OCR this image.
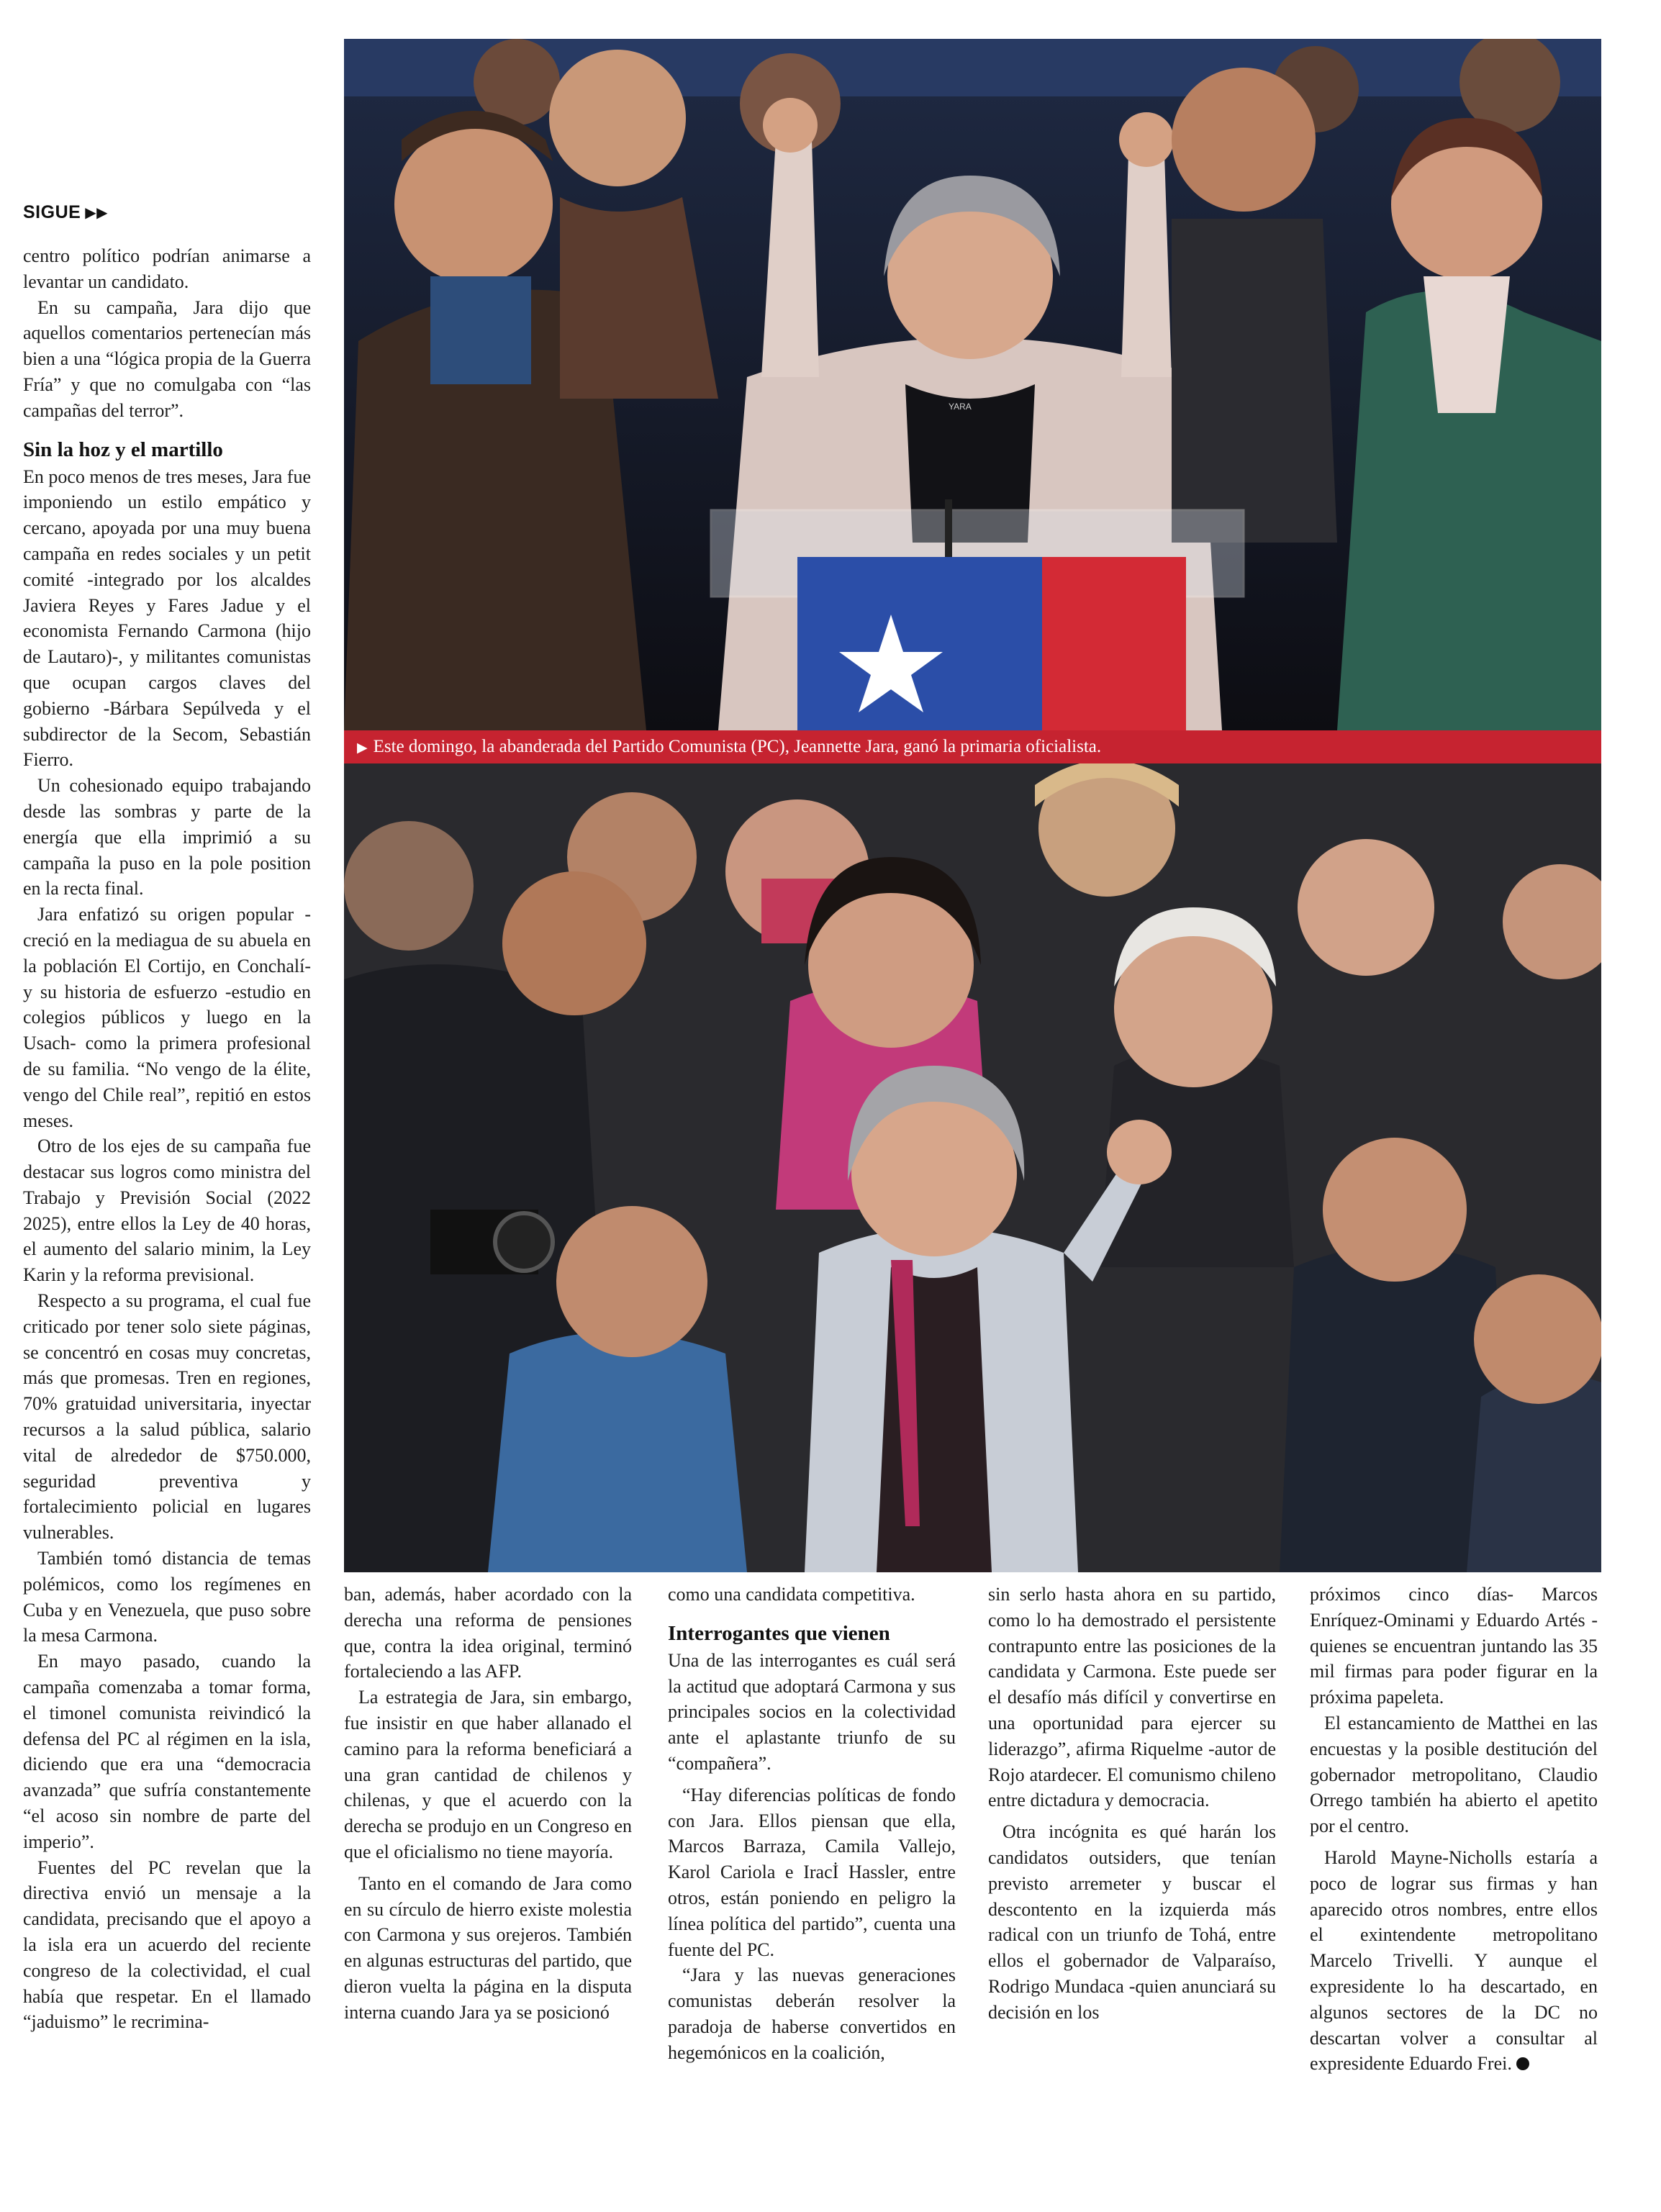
SIGUE ▶▶

centro político podrían animarse a levantar un candidato.

En su campaña, Jara dijo que aquellos comentarios pertenecían más bien a una “lógica propia de la Guerra Fría” y que no comulgaba con “las campañas del terror”.

Sin la hoz y el martillo

En poco menos de tres meses, Jara fue imponiendo un estilo empático y cercano, apoyada por una muy buena campaña en redes sociales y un petit comité -integrado por los alcaldes Javiera Reyes y Fares Jadue y el economista Fernando Carmona (hijo de Lautaro)-, y militantes comunistas que ocupan cargos claves del gobierno -Bárbara Sepúlveda y el subdirector de la Secom, Sebastián Fierro.

Un cohesionado equipo trabajando desde las sombras y parte de la energía que ella imprimió a su campaña la puso en la pole position en la recta final.

Jara enfatizó su origen popular -creció en la mediagua de su abuela en la población El Cortijo, en Conchalí- y su historia de esfuerzo -estudio en colegios públicos y luego en la Usach- como la primera profesional de su familia. “No vengo de la élite, vengo del Chile real”, repitió en estos meses.

Otro de los ejes de su campaña fue destacar sus logros como ministra del Trabajo y Previsión Social (2022 2025), entre ellos la Ley de 40 horas, el aumento del salario minim, la Ley Karin y la reforma previsional.

Respecto a su programa, el cual fue criticado por tener solo siete páginas, se concentró en cosas muy concretas, más que promesas. Tren en regiones, 70% gratuidad universitaria, inyectar recursos a la salud pública, salario vital de alrededor de $750.000, seguridad preventiva y fortalecimiento policial en lugares vulnerables.

También tomó distancia de temas polémicos, como los regímenes en Cuba y en Venezuela, que puso sobre la mesa Carmona.

En mayo pasado, cuando la campaña comenzaba a tomar forma, el timonel comunista reivindicó la defensa del PC al régimen en la isla, diciendo que era una “democracia avanzada” que sufría constantemente “el acoso sin nombre de parte del imperio”.

Fuentes del PC revelan que la directiva envió un mensaje a la candidata, precisando que el apoyo a la isla era un acuerdo del reciente congreso de la colectividad, el cual había que respetar. En el llamado “jaduismo” le recrimina-

YARA
▶ Este domingo, la abanderada del Partido Comunista (PC), Jeannette Jara, ganó la primaria oficialista.

ban, además, haber acordado con la derecha una reforma de pensiones que, contra la idea original, terminó fortaleciendo a las AFP.

La estrategia de Jara, sin embargo, fue insistir en que haber allanado el camino para la reforma beneficiará a una gran cantidad de chilenos y chilenas, y que el acuerdo con la derecha se produjo en un Congreso en que el oficialismo no tiene mayoría.

Tanto en el comando de Jara como en su círculo de hierro existe molestia con Carmona y sus orejeros. También en algunas estructuras del partido, que dieron vuelta la página en la disputa interna cuando Jara ya se posicionó

como una candidata competitiva.

Interrogantes que vienen

Una de las interrogantes es cuál será la actitud que adoptará Carmona y sus principales socios en la colectividad ante el aplastante triunfo de su “compañera”.

“Hay diferencias políticas de fondo con Jara. Ellos piensan que ella, Marcos Barraza, Camila Vallejo, Karol Cariola e Iracİ Hassler, entre otros, están poniendo en peligro la línea política del partido”, cuenta una fuente del PC.

“Jara y las nuevas generaciones comunistas deberán resolver la paradoja de haberse convertidos en hegemónicos en la coalición,

sin serlo hasta ahora en su partido, como lo ha demostrado el persistente contrapunto entre las posiciones de la candidata y Carmona. Este puede ser el desafío más difícil y convertirse en una oportunidad para ejercer su liderazgo”, afirma Riquelme -autor de Rojo atardecer. El comunismo chileno entre dictadura y democracia.

Otra incógnita es qué harán los candidatos outsiders, que tenían previsto arremeter y buscar el descontento en la izquierda más radical con un triunfo de Tohá, entre ellos el gobernador de Valparaíso, Rodrigo Mundaca -quien anunciará su decisión en los

próximos cinco días- Marcos Enríquez-Ominami y Eduardo Artés -quienes se encuentran juntando las 35 mil firmas para poder figurar en la próxima papeleta.

El estancamiento de Matthei en las encuestas y la posible destitución del gobernador metropolitano, Claudio Orrego también ha abierto el apetito por el centro.

Harold Mayne-Nicholls estaría a poco de lograr sus firmas y han aparecido otros nombres, entre ellos el exintendente metropolitano Marcelo Trivelli. Y aunque el expresidente lo ha descartado, en algunos sectores de la DC no descartan volver a consultar al expresidente Eduardo Frei.
